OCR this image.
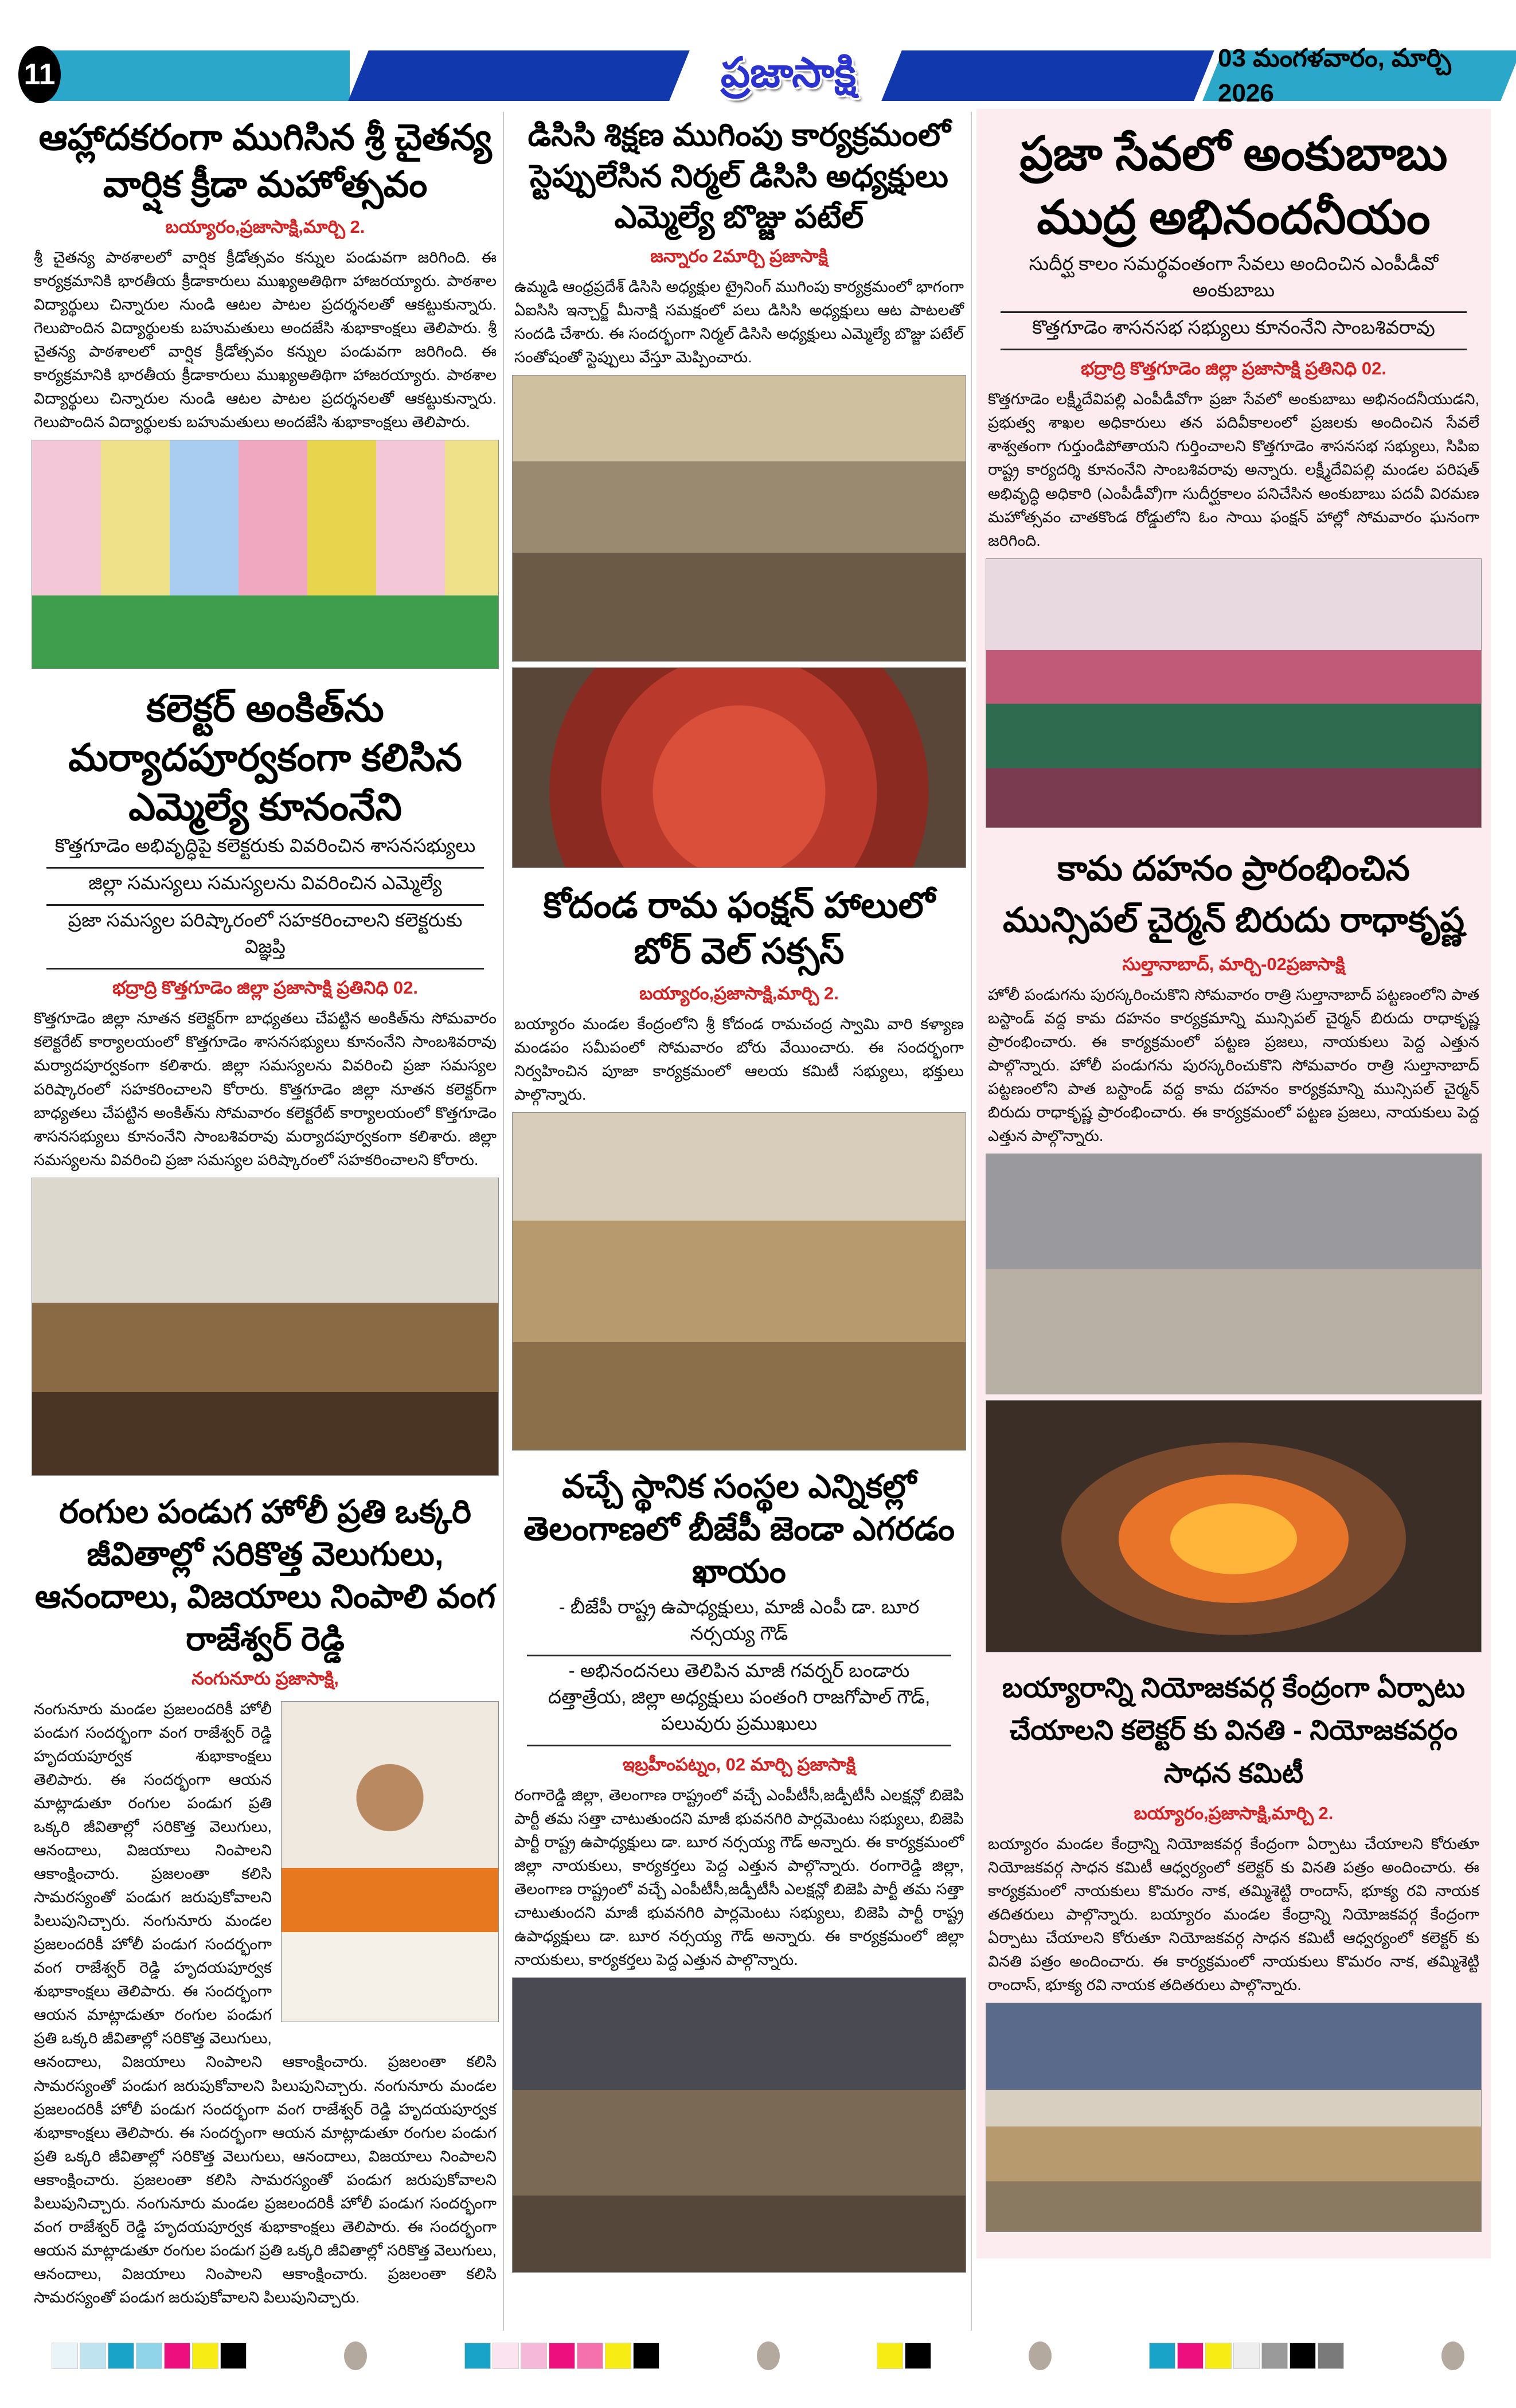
11	ప్రజాసాక్షి	03 మంగళవారం, మార్చి 2026
ఆహ్లాదకరంగా ముగిసిన శ్రీ చైతన్య వార్షిక క్రీడా మహోత్సవం
బయ్యారం,ప్రజాసాక్షి,మార్చి 2.

శ్రీ చైతన్య పాఠశాలలో వార్షిక క్రీడోత్సవం కన్నుల పండువగా జరిగింది. ఈ కార్యక్రమానికి భారతీయ క్రీడాకారులు ముఖ్యఅతిథిగా హాజరయ్యారు. పాఠశాల విద్యార్థులు చిన్నారుల నుండి ఆటల పాటల ప్రదర్శనలతో ఆకట్టుకున్నారు. గెలుపొందిన విద్యార్థులకు బహుమతులు అందజేసి శుభాకాంక్షలు తెలిపారు. శ్రీ చైతన్య పాఠశాలలో వార్షిక క్రీడోత్సవం కన్నుల పండువగా జరిగింది. ఈ కార్యక్రమానికి భారతీయ క్రీడాకారులు ముఖ్యఅతిథిగా హాజరయ్యారు. పాఠశాల విద్యార్థులు చిన్నారుల నుండి ఆటల పాటల ప్రదర్శనలతో ఆకట్టుకున్నారు. గెలుపొందిన విద్యార్థులకు బహుమతులు అందజేసి శుభాకాంక్షలు తెలిపారు.

కలెక్టర్ అంకిత్‌ను మర్యాదపూర్వకంగా కలిసిన ఎమ్మెల్యే కూనంనేని
కొత్తగూడెం అభివృద్ధిపై కలెక్టరుకు వివరించిన శాసనసభ్యులు
జిల్లా సమస్యలు సమస్యలను వివరించిన ఎమ్మెల్యే
ప్రజా సమస్యల పరిష్కారంలో సహకరించాలని కలెక్టరుకు విజ్ఞప్తి
భద్రాద్రి కొత్తగూడెం జిల్లా ప్రజాసాక్షి ప్రతినిధి 02.

కొత్తగూడెం జిల్లా నూతన కలెక్టర్‌గా బాధ్యతలు చేపట్టిన అంకిత్‌ను సోమవారం కలెక్టరేట్ కార్యాలయంలో కొత్తగూడెం శాసనసభ్యులు కూనంనేని సాంబశివరావు మర్యాదపూర్వకంగా కలిశారు. జిల్లా సమస్యలను వివరించి ప్రజా సమస్యల పరిష్కారంలో సహకరించాలని కోరారు. కొత్తగూడెం జిల్లా నూతన కలెక్టర్‌గా బాధ్యతలు చేపట్టిన అంకిత్‌ను సోమవారం కలెక్టరేట్ కార్యాలయంలో కొత్తగూడెం శాసనసభ్యులు కూనంనేని సాంబశివరావు మర్యాదపూర్వకంగా కలిశారు. జిల్లా సమస్యలను వివరించి ప్రజా సమస్యల పరిష్కారంలో సహకరించాలని కోరారు.

రంగుల పండుగ హోలీ ప్రతి ఒక్కరి జీవితాల్లో సరికొత్త వెలుగులు, ఆనందాలు, విజయాలు నింపాలి వంగ రాజేశ్వర్ రెడ్డి
నంగునూరు ప్రజాసాక్షి,

నంగునూరు మండల ప్రజలందరికీ హోలీ పండుగ సందర్భంగా వంగ రాజేశ్వర్ రెడ్డి హృదయపూర్వక శుభాకాంక్షలు తెలిపారు. ఈ సందర్భంగా ఆయన మాట్లాడుతూ రంగుల పండుగ ప్రతి ఒక్కరి జీవితాల్లో సరికొత్త వెలుగులు, ఆనందాలు, విజయాలు నింపాలని ఆకాంక్షించారు. ప్రజలంతా కలిసి సామరస్యంతో పండుగ జరుపుకోవాలని పిలుపునిచ్చారు. నంగునూరు మండల ప్రజలందరికీ హోలీ పండుగ సందర్భంగా వంగ రాజేశ్వర్ రెడ్డి హృదయపూర్వక శుభాకాంక్షలు తెలిపారు. ఈ సందర్భంగా ఆయన మాట్లాడుతూ రంగుల పండుగ ప్రతి ఒక్కరి జీవితాల్లో సరికొత్త వెలుగులు, ఆనందాలు, విజయాలు నింపాలని ఆకాంక్షించారు. ప్రజలంతా కలిసి సామరస్యంతో పండుగ జరుపుకోవాలని పిలుపునిచ్చారు. నంగునూరు మండల ప్రజలందరికీ హోలీ పండుగ సందర్భంగా వంగ రాజేశ్వర్ రెడ్డి హృదయపూర్వక శుభాకాంక్షలు తెలిపారు. ఈ సందర్భంగా ఆయన మాట్లాడుతూ రంగుల పండుగ ప్రతి ఒక్కరి జీవితాల్లో సరికొత్త వెలుగులు, ఆనందాలు, విజయాలు నింపాలని ఆకాంక్షించారు. ప్రజలంతా కలిసి సామరస్యంతో పండుగ జరుపుకోవాలని పిలుపునిచ్చారు. నంగునూరు మండల ప్రజలందరికీ హోలీ పండుగ సందర్భంగా వంగ రాజేశ్వర్ రెడ్డి హృదయపూర్వక శుభాకాంక్షలు తెలిపారు. ఈ సందర్భంగా ఆయన మాట్లాడుతూ రంగుల పండుగ ప్రతి ఒక్కరి జీవితాల్లో సరికొత్త వెలుగులు, ఆనందాలు, విజయాలు నింపాలని ఆకాంక్షించారు. ప్రజలంతా కలిసి సామరస్యంతో పండుగ జరుపుకోవాలని పిలుపునిచ్చారు.

డిసిసి శిక్షణ ముగింపు కార్యక్రమంలో స్టెప్పులేసిన నిర్మల్ డిసిసి అధ్యక్షులు ఎమ్మెల్యే బొజ్జు పటేల్
జన్నారం 2మార్చి ప్రజాసాక్షి

ఉమ్మడి ఆంధ్రప్రదేశ్ డిసిసి అధ్యక్షుల ట్రైనింగ్ ముగింపు కార్యక్రమంలో భాగంగా ఏఐసిసి ఇన్చార్జ్ మీనాక్షి సమక్షంలో పలు డిసిసి అధ్యక్షులు ఆట పాటలతో సందడి చేశారు. ఈ సందర్భంగా నిర్మల్ డిసిసి అధ్యక్షులు ఎమ్మెల్యే బొజ్జు పటేల్ సంతోషంతో స్టెప్పులు వేస్తూ మెప్పించారు.

కోదండ రామ ఫంక్షన్ హాలులో బోర్ వెల్ సక్సస్
బయ్యారం,ప్రజాసాక్షి,మార్చి 2.

బయ్యారం మండల కేంద్రంలోని శ్రీ కోదండ రామచంద్ర స్వామి వారి కళ్యాణ మండపం సమీపంలో సోమవారం బోరు వేయించారు. ఈ సందర్భంగా నిర్వహించిన పూజా కార్యక్రమంలో ఆలయ కమిటీ సభ్యులు, భక్తులు పాల్గొన్నారు.

వచ్చే స్థానిక సంస్థల ఎన్నికల్లో తెలంగాణలో బీజేపీ జెండా ఎగరడం ఖాయం
- బీజేపీ రాష్ట్ర ఉపాధ్యక్షులు, మాజీ ఎంపీ డా. బూర నర్సయ్య గౌడ్
- అభినందనలు తెలిపిన మాజీ గవర్నర్ బండారు దత్తాత్రేయ, జిల్లా అధ్యక్షులు పంతంగి రాజగోపాల్ గౌడ్, పలువురు ప్రముఖులు
ఇబ్రహీంపట్నం, 02 మార్చి ప్రజాసాక్షి

రంగారెడ్డి జిల్లా, తెలంగాణ రాష్ట్రంలో వచ్చే ఎంపీటీసీ,జడ్పీటీసీ ఎలక్షన్లో బిజెపి పార్టీ తమ సత్తా చాటుతుందని మాజీ భువనగిరి పార్లమెంటు సభ్యులు, బిజెపి పార్టీ రాష్ట్ర ఉపాధ్యక్షులు డా. బూర నర్సయ్య గౌడ్ అన్నారు. ఈ కార్యక్రమంలో జిల్లా నాయకులు, కార్యకర్తలు పెద్ద ఎత్తున పాల్గొన్నారు. రంగారెడ్డి జిల్లా, తెలంగాణ రాష్ట్రంలో వచ్చే ఎంపీటీసీ,జడ్పీటీసీ ఎలక్షన్లో బిజెపి పార్టీ తమ సత్తా చాటుతుందని మాజీ భువనగిరి పార్లమెంటు సభ్యులు, బిజెపి పార్టీ రాష్ట్ర ఉపాధ్యక్షులు డా. బూర నర్సయ్య గౌడ్ అన్నారు. ఈ కార్యక్రమంలో జిల్లా నాయకులు, కార్యకర్తలు పెద్ద ఎత్తున పాల్గొన్నారు.

ప్రజా సేవలో అంకుబాబు ముద్ర అభినందనీయం
సుదీర్ఘ కాలం సమర్థవంతంగా సేవలు అందించిన ఎంపీడీవో అంకుబాబు
కొత్తగూడెం శాసనసభ సభ్యులు కూనంనేని సాంబశివరావు
భద్రాద్రి కొత్తగూడెం జిల్లా ప్రజాసాక్షి ప్రతినిధి 02.

కొత్తగూడెం లక్ష్మీదేవిపల్లి ఎంపీడీవోగా ప్రజా సేవలో అంకుబాబు అభినందనీయుడని, ప్రభుత్వ శాఖల అధికారులు తన పదివీకాలంలో ప్రజలకు అందించిన సేవలే శాశ్వతంగా గుర్తుండిపోతాయని గుర్తించాలని కొత్తగూడెం శాసనసభ సభ్యులు, సిపిఐ రాష్ట్ర కార్యదర్శి కూనంనేని సాంబశివరావు అన్నారు. లక్ష్మీదేవిపల్లి మండల పరిషత్ అభివృద్ధి అధికారి (ఎంపీడీవో)గా సుదీర్ఘకాలం పనిచేసిన అంకుబాబు పదవీ విరమణ మహోత్సవం చాతకొండ రోడ్డులోని ఓం సాయి ఫంక్షన్ హాల్లో సోమవారం ఘనంగా జరిగింది.

కామ దహనం ప్రారంభించిన మున్సిపల్ చైర్మన్ బిరుదు రాధాకృష్ణ
సుల్తానాబాద్, మార్చి-02ప్రజాసాక్షి

హోలీ పండుగను పురస్కరించుకొని సోమవారం రాత్రి సుల్తానాబాద్ పట్టణంలోని పాత బస్టాండ్ వద్ద కామ దహనం కార్యక్రమాన్ని మున్సిపల్ చైర్మన్ బిరుదు రాధాకృష్ణ ప్రారంభించారు. ఈ కార్యక్రమంలో పట్టణ ప్రజలు, నాయకులు పెద్ద ఎత్తున పాల్గొన్నారు. హోలీ పండుగను పురస్కరించుకొని సోమవారం రాత్రి సుల్తానాబాద్ పట్టణంలోని పాత బస్టాండ్ వద్ద కామ దహనం కార్యక్రమాన్ని మున్సిపల్ చైర్మన్ బిరుదు రాధాకృష్ణ ప్రారంభించారు. ఈ కార్యక్రమంలో పట్టణ ప్రజలు, నాయకులు పెద్ద ఎత్తున పాల్గొన్నారు.

బయ్యారాన్ని నియోజకవర్గ కేంద్రంగా ఏర్పాటు చేయాలని కలెక్టర్ కు వినతి - నియోజకవర్గం సాధన కమిటీ
బయ్యారం,ప్రజాసాక్షి,మార్చి 2.

బయ్యారం మండల కేంద్రాన్ని నియోజకవర్గ కేంద్రంగా ఏర్పాటు చేయాలని కోరుతూ నియోజకవర్గ సాధన కమిటీ ఆధ్వర్యంలో కలెక్టర్ కు వినతి పత్రం అందించారు. ఈ కార్యక్రమంలో నాయకులు కొమరం నాక, తమ్మిశెట్టి రాందాస్, భూక్య రవి నాయక తదితరులు పాల్గొన్నారు. బయ్యారం మండల కేంద్రాన్ని నియోజకవర్గ కేంద్రంగా ఏర్పాటు చేయాలని కోరుతూ నియోజకవర్గ సాధన కమిటీ ఆధ్వర్యంలో కలెక్టర్ కు వినతి పత్రం అందించారు. ఈ కార్యక్రమంలో నాయకులు కొమరం నాక, తమ్మిశెట్టి రాందాస్, భూక్య రవి నాయక తదితరులు పాల్గొన్నారు.
